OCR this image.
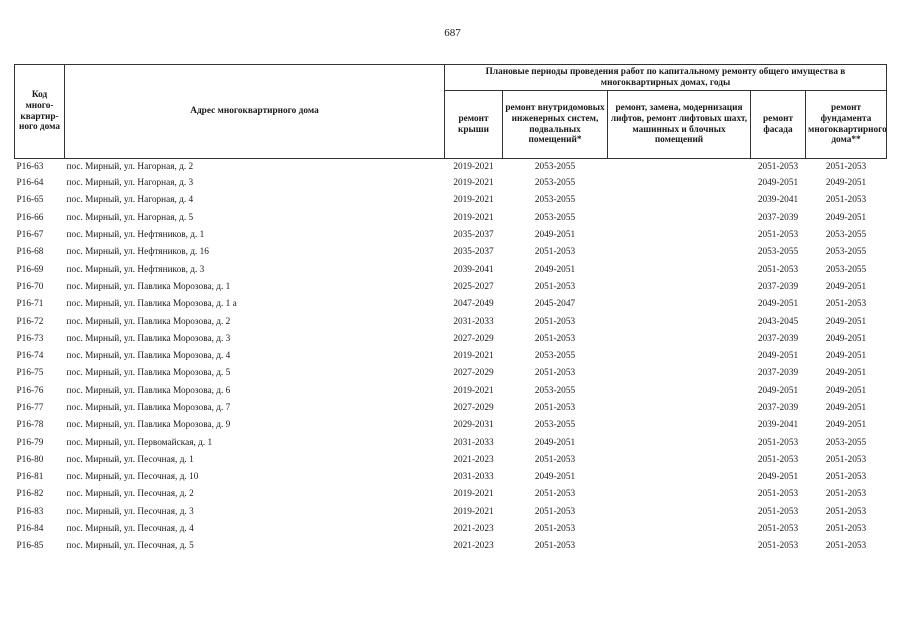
687
Код много-квартир-ного дома	Адрес многоквартирного дома	Плановые периоды проведения работ по капитальному ремонту общего имущества в многоквартирных домах, годы				
		ремонт крыши	ремонт внутридомовых инженерных систем, подвальных помещений*	ремонт, замена, модернизация лифтов, ремонт лифтовых шахт, машинных и блочных помещений	ремонт фасада	ремонт фундамента многоквартирного дома**
Р16-63	пос. Мирный, ул. Нагорная, д. 2	2019-2021	2053-2055		2051-2053	2051-2053
Р16-64	пос. Мирный, ул. Нагорная, д. 3	2019-2021	2053-2055		2049-2051	2049-2051
Р16-65	пос. Мирный, ул. Нагорная, д. 4	2019-2021	2053-2055		2039-2041	2051-2053
Р16-66	пос. Мирный, ул. Нагорная, д. 5	2019-2021	2053-2055		2037-2039	2049-2051
Р16-67	пос. Мирный, ул. Нефтяников, д. 1	2035-2037	2049-2051		2051-2053	2053-2055
Р16-68	пос. Мирный, ул. Нефтяников, д. 16	2035-2037	2051-2053		2053-2055	2053-2055
Р16-69	пос. Мирный, ул. Нефтяников, д. 3	2039-2041	2049-2051		2051-2053	2053-2055
Р16-70	пос. Мирный, ул. Павлика Морозова, д. 1	2025-2027	2051-2053		2037-2039	2049-2051
Р16-71	пос. Мирный, ул. Павлика Морозова, д. 1 а	2047-2049	2045-2047		2049-2051	2051-2053
Р16-72	пос. Мирный, ул. Павлика Морозова, д. 2	2031-2033	2051-2053		2043-2045	2049-2051
Р16-73	пос. Мирный, ул. Павлика Морозова, д. 3	2027-2029	2051-2053		2037-2039	2049-2051
Р16-74	пос. Мирный, ул. Павлика Морозова, д. 4	2019-2021	2053-2055		2049-2051	2049-2051
Р16-75	пос. Мирный, ул. Павлика Морозова, д. 5	2027-2029	2051-2053		2037-2039	2049-2051
Р16-76	пос. Мирный, ул. Павлика Морозова, д. 6	2019-2021	2053-2055		2049-2051	2049-2051
Р16-77	пос. Мирный, ул. Павлика Морозова, д. 7	2027-2029	2051-2053		2037-2039	2049-2051
Р16-78	пос. Мирный, ул. Павлика Морозова, д. 9	2029-2031	2053-2055		2039-2041	2049-2051
Р16-79	пос. Мирный, ул. Первомайская, д. 1	2031-2033	2049-2051		2051-2053	2053-2055
Р16-80	пос. Мирный, ул. Песочная, д. 1	2021-2023	2051-2053		2051-2053	2051-2053
Р16-81	пос. Мирный, ул. Песочная, д. 10	2031-2033	2049-2051		2049-2051	2051-2053
Р16-82	пос. Мирный, ул. Песочная, д. 2	2019-2021	2051-2053		2051-2053	2051-2053
Р16-83	пос. Мирный, ул. Песочная, д. 3	2019-2021	2051-2053		2051-2053	2051-2053
Р16-84	пос. Мирный, ул. Песочная, д. 4	2021-2023	2051-2053		2051-2053	2051-2053
Р16-85	пос. Мирный, ул. Песочная, д. 5	2021-2023	2051-2053		2051-2053	2051-2053
